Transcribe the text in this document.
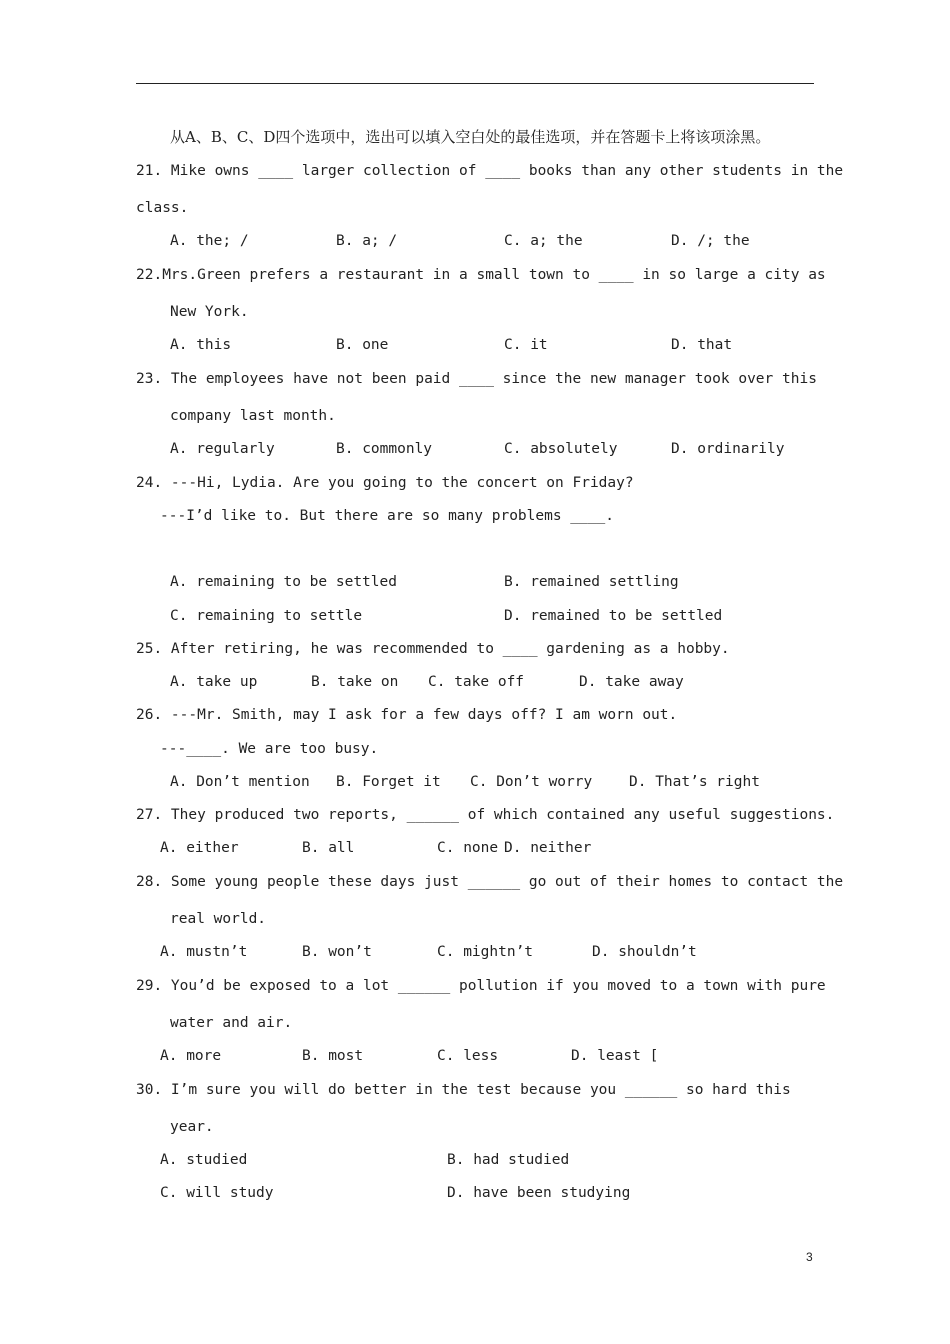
从A、B、C、D四个选项中，选出可以填入空白处的最佳选项，并在答题卡上将该项涂黑。
21. Mike owns ____ larger collection of ____ books than any other students in the
class.
A. the; /	B. a; /	C. a; the	D. /; the
22.Mrs.Green prefers a restaurant in a small town to ____ in so large a city as
New York.
A. this	B. one	C. it	D. that
23. The employees have not been paid ____ since the new manager took over this
company last month.
A. regularly	B. commonly	C. absolutely	D. ordinarily
24. ---Hi, Lydia. Are you going to the concert on Friday?
---I’d like to. But there are so many problems ____.
A. remaining to be settled	B. remained settling
C. remaining to settle	D. remained to be settled
25. After retiring, he was recommended to ____ gardening as a hobby.
A. take up	B. take on C. take off	D. take away
26. ---Mr. Smith, may I ask for a few days off? I am worn out.
---____. We are too busy.
A. Don’t mention B. Forget it C. Don’t worry	D. That’s right
27. They produced two reports, ______ of which contained any useful suggestions.
A. either	B. all	C. none D. neither
28. Some young people these days just ______ go out of their homes to contact the
real world.
A. mustn’t	B. won’t	C. mightn’t	D. shouldn’t
29. You’d be exposed to a lot ______ pollution if you moved to a town with pure
water and air.
A. more	B. most	C. less	D. least [
30. I’m sure you will do better in the test because you ______ so hard this
year.
A. studied	B. had studied
C. will study	D. have been studying
3
